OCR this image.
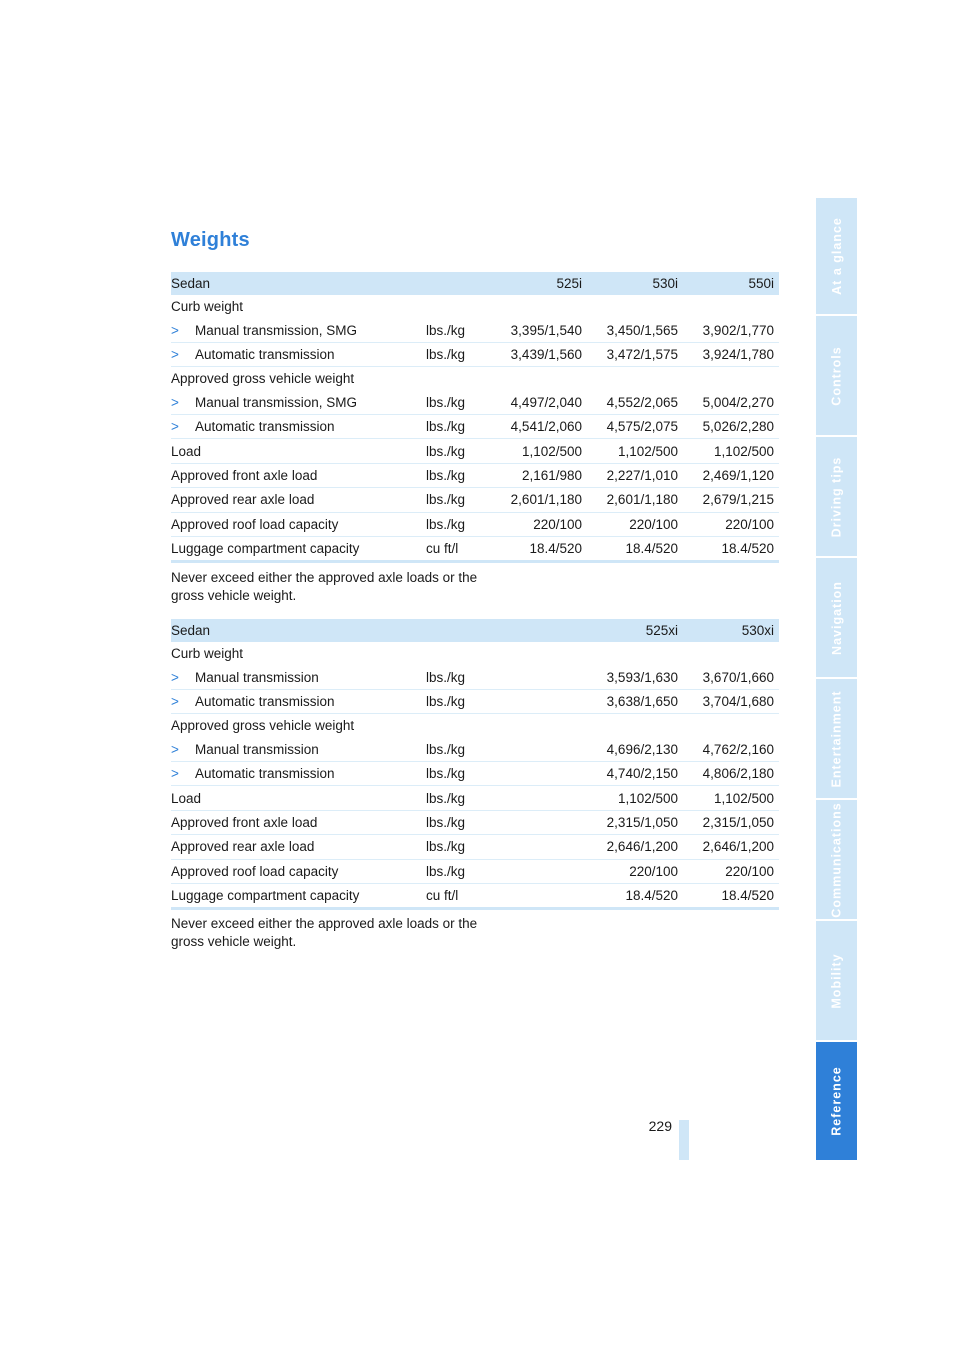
Weights
Sedan		525i	530i	550i
Curb weight				
> Manual transmission, SMG	lbs./kg	3,395/1,540	3,450/1,565	3,902/1,770
> Automatic transmission	lbs./kg	3,439/1,560	3,472/1,575	3,924/1,780
Approved gross vehicle weight				
> Manual transmission, SMG	lbs./kg	4,497/2,040	4,552/2,065	5,004/2,270
> Automatic transmission	lbs./kg	4,541/2,060	4,575/2,075	5,026/2,280
Load	lbs./kg	1,102/500	1,102/500	1,102/500
Approved front axle load	lbs./kg	2,161/980	2,227/1,010	2,469/1,120
Approved rear axle load	lbs./kg	2,601/1,180	2,601/1,180	2,679/1,215
Approved roof load capacity	lbs./kg	220/100	220/100	220/100
Luggage compartment capacity	cu ft/l	18.4/520	18.4/520	18.4/520
Never exceed either the approved axle loads or the gross vehicle weight.
Sedan			525xi	530xi
Curb weight				
> Manual transmission	lbs./kg		3,593/1,630	3,670/1,660
> Automatic transmission	lbs./kg		3,638/1,650	3,704/1,680
Approved gross vehicle weight				
> Manual transmission	lbs./kg		4,696/2,130	4,762/2,160
> Automatic transmission	lbs./kg		4,740/2,150	4,806/2,180
Load	lbs./kg		1,102/500	1,102/500
Approved front axle load	lbs./kg		2,315/1,050	2,315/1,050
Approved rear axle load	lbs./kg		2,646/1,200	2,646/1,200
Approved roof load capacity	lbs./kg		220/100	220/100
Luggage compartment capacity	cu ft/l		18.4/520	18.4/520
Never exceed either the approved axle loads or the gross vehicle weight.
229
At a glance
Controls
Driving tips
Navigation
Entertainment
Communications
Mobility
Reference
